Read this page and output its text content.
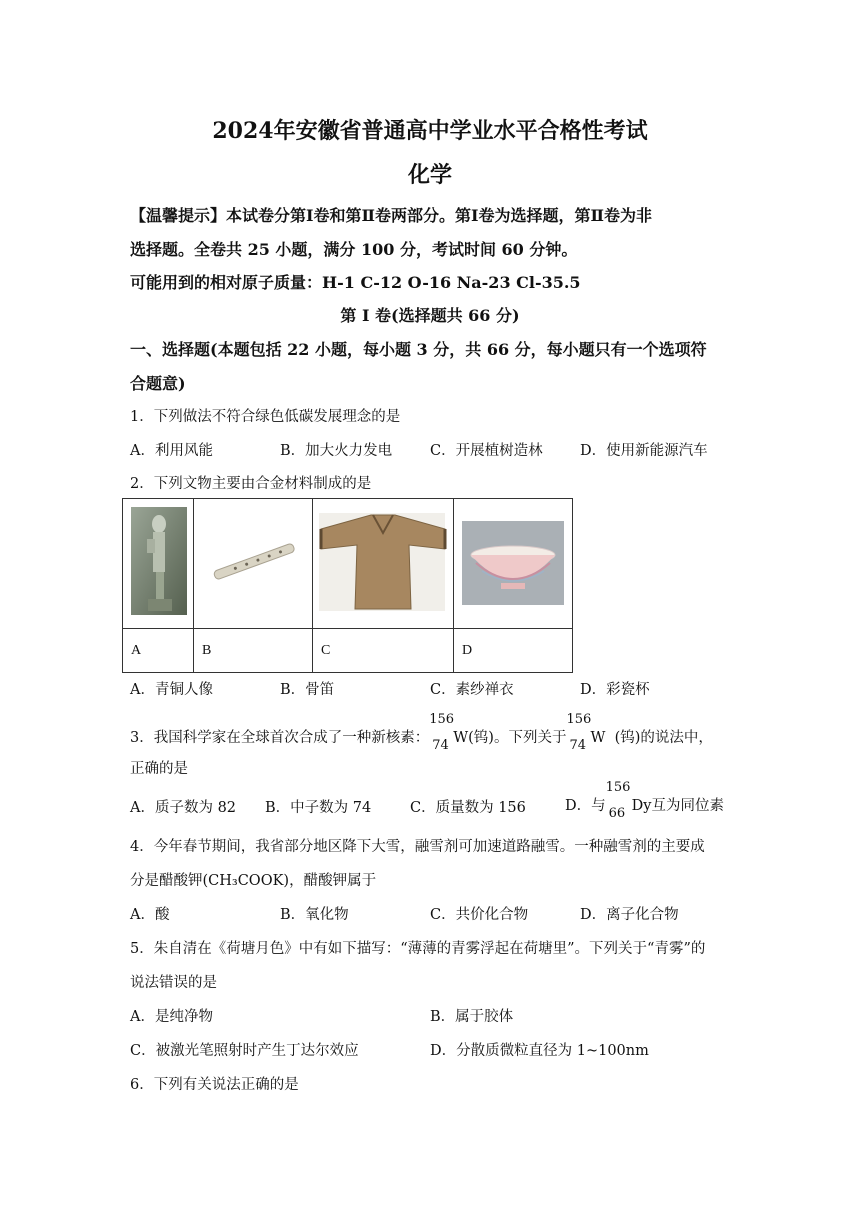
2024年安徽省普通高中学业水平合格性考试
化学
【温馨提示】本试卷分第Ⅰ卷和第Ⅱ卷两部分。第Ⅰ卷为选择题，第Ⅱ卷为非
选择题。全卷共 25 小题，满分 100 分，考试时间 60 分钟。
可能用到的相对原子质量：H-1 C-12 O-16 Na-23 Cl-35.5
第 I 卷(选择题共 66 分)
一、选择题(本题包括 22 小题，每小题 3 分，共 66 分，每小题只有一个选项符
合题意)
1．下列做法不符合绿色低碳发展理念的是
A．利用风能	B．加大火力发电	C．开展植树造林	D．使用新能源汽车
2．下列文物主要由合金材料制成的是

A	B	C	D
A．青铜人像	B．骨笛	C．素纱禅衣	D．彩瓷杯
3．我国科学家在全球首次合成了一种新核素：
156
74 W(钨)。下列关于
156
74 W (钨)的说法中，
正确的是
A．质子数为 82 B．中子数为 74	C．质量数为 156	D．与
156
66 Dy互为同位素
4．今年春节期间，我省部分地区降下大雪，融雪剂可加速道路融雪。一种融雪剂的主要成
分是醋酸钾(CH₃COOK)，醋酸钾属于
A．酸	B．氧化物	C．共价化合物	D．离子化合物
5．朱自清在《荷塘月色》中有如下描写：“薄薄的青雾浮起在荷塘里”。下列关于“青雾”的
说法错误的是
A．是纯净物	B．属于胶体
C．被激光笔照射时产生丁达尔效应	D．分散质微粒直径为 1~100nm
6．下列有关说法正确的是
